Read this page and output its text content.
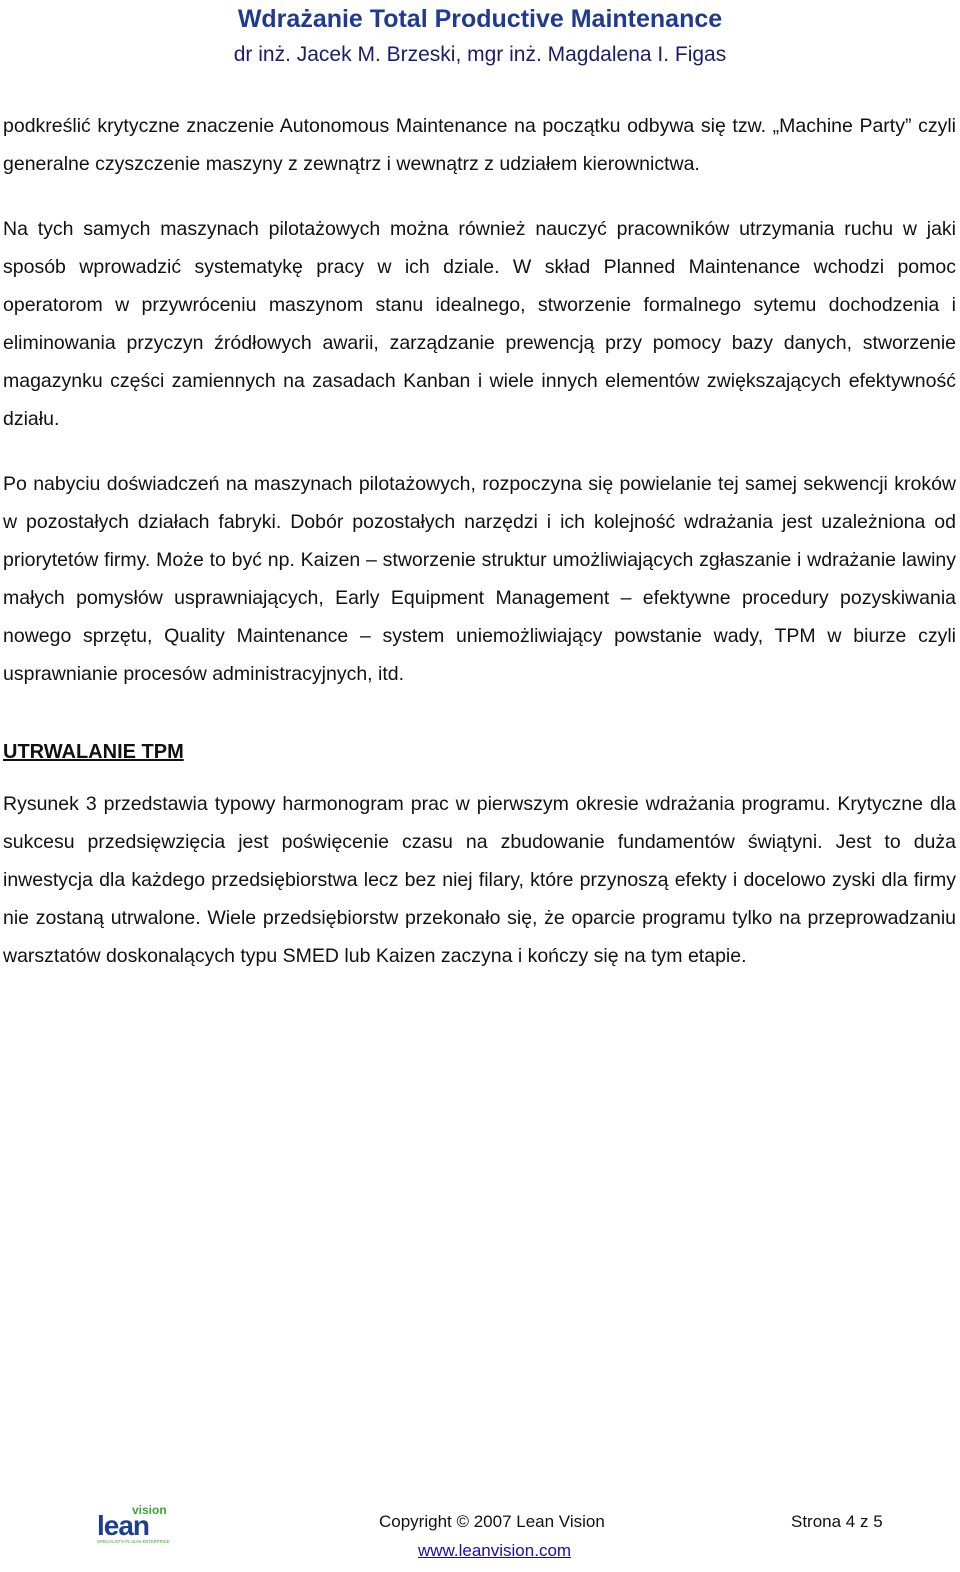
Wdrażanie Total Productive Maintenance

dr inż. Jacek M. Brzeski, mgr inż. Magdalena I. Figas

podkreślić krytyczne znaczenie Autonomous Maintenance na początku odbywa się tzw. „Machine Party” czyli generalne czyszczenie maszyny z zewnątrz i wewnątrz z udziałem kierownictwa.

Na tych samych maszynach pilotażowych można również nauczyć pracowników utrzymania ruchu w jaki sposób wprowadzić systematykę pracy w ich dziale. W skład Planned Maintenance wchodzi pomoc operatorom w przywróceniu maszynom stanu idealnego, stworzenie formalnego sytemu dochodzenia i eliminowania przyczyn źródłowych awarii, zarządzanie prewencją przy pomocy bazy danych, stworzenie magazynku części zamiennych na zasadach Kanban i wiele innych elementów zwiększających efektywność działu.

Po nabyciu doświadczeń na maszynach pilotażowych, rozpoczyna się powielanie tej samej sekwencji kroków w pozostałych działach fabryki. Dobór pozostałych narzędzi i ich kolejność wdrażania jest uzależniona od priorytetów firmy. Może to być np. Kaizen – stworzenie struktur umożliwiających zgłaszanie i wdrażanie lawiny małych pomysłów usprawniających, Early Equipment Management – efektywne procedury pozyskiwania nowego sprzętu, Quality Maintenance – system uniemożliwiający powstanie wady, TPM w biurze czyli usprawnianie procesów administracyjnych, itd.

UTRWALANIE TPM

Rysunek 3 przedstawia typowy harmonogram prac w pierwszym okresie wdrażania programu. Krytyczne dla sukcesu przedsięwzięcia jest poświęcenie czasu na zbudowanie fundamentów świątyni. Jest to duża inwestycja dla każdego przedsiębiorstwa lecz bez niej filary, które przynoszą efekty i docelowo zyski dla firmy nie zostaną utrwalone. Wiele przedsiębiorstw przekonało się, że oparcie programu tylko na przeprowadzaniu warsztatów doskonalących typu SMED lub Kaizen zaczyna i kończy się na tym etapie.

vision
lean
SPECIALISTS IN LEAN ENTERPRISE
Copyright © 2007 Lean Vision	Strona 4 z 5
www.leanvision.com
